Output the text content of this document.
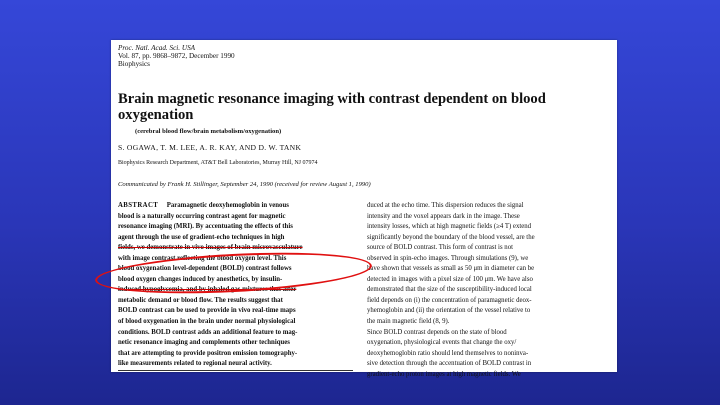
Proc. Natl. Acad. Sci. USA
Vol. 87, pp. 9868–9872, December 1990
Biophysics
Brain magnetic resonance imaging with contrast dependent on blood oxygenation
(cerebral blood flow/brain metabolism/oxygenation)
S. OGAWA, T. M. LEE, A. R. KAY, AND D. W. TANK
Biophysics Research Department, AT&T Bell Laboratories, Murray Hill, NJ 07974
Communicated by Frank H. Stillinger, September 24, 1990 (received for review August 1, 1990)
ABSTRACT Paramagnetic deoxyhemoglobin in venous
blood is a naturally occurring contrast agent for magnetic
resonance imaging (MRI). By accentuating the effects of this
agent through the use of gradient-echo techniques in high
fields, we demonstrate in vivo images of brain microvasculature
with image contrast reflecting the blood oxygen level. This
blood oxygenation level-dependent (BOLD) contrast follows
blood oxygen changes induced by anesthetics, by insulin-
induced hypoglycemia, and by inhaled gas mixtures that alter
metabolic demand or blood flow. The results suggest that
BOLD contrast can be used to provide in vivo real-time maps
of blood oxygenation in the brain under normal physiological
conditions. BOLD contrast adds an additional feature to mag-
netic resonance imaging and complements other techniques
that are attempting to provide positron emission tomography-
like measurements related to regional neural activity.
duced at the echo time. This dispersion reduces the signal
intensity and the voxel appears dark in the image. These
intensity losses, which at high magnetic fields (≥4 T) extend
significantly beyond the boundary of the blood vessel, are the
source of BOLD contrast. This form of contrast is not
observed in spin-echo images. Through simulations (9), we
have shown that vessels as small as 50 μm in diameter can be
detected in images with a pixel size of 100 μm. We have also
demonstrated that the size of the susceptibility-induced local
field depends on (i) the concentration of paramagnetic deox-
yhemoglobin and (ii) the orientation of the vessel relative to
the main magnetic field (8, 9).
Since BOLD contrast depends on the state of blood
oxygenation, physiological events that change the oxy/
deoxyhemoglobin ratio should lend themselves to noninva-
sive detection through the accentuation of BOLD contrast in
gradient-echo proton images at high magnetic fields. We
